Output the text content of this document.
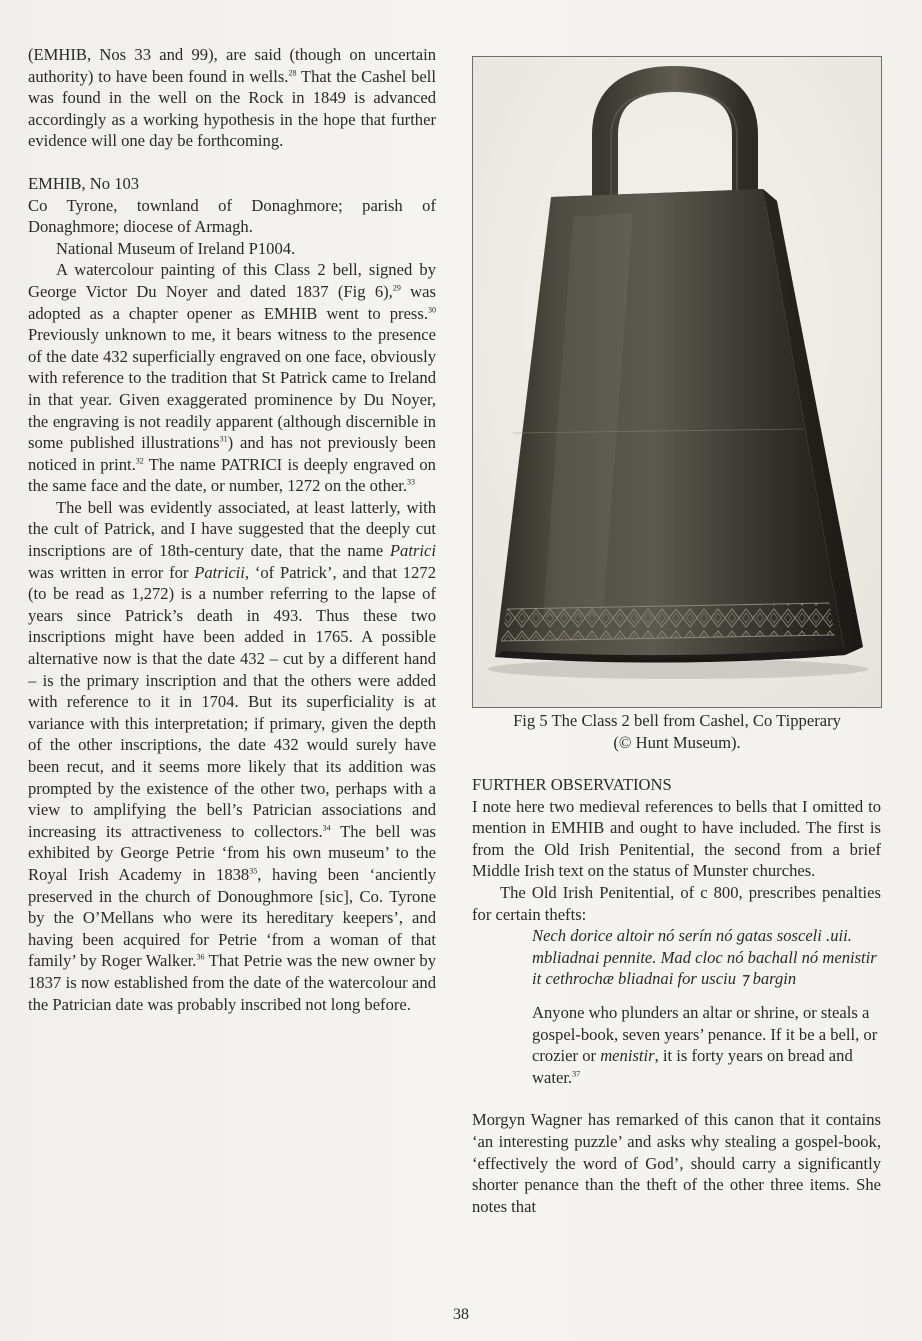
(EMHIB, Nos 33 and 99), are said (though on uncertain authority) to have been found in wells.$^{28}$ That the Cashel bell was found in the well on the Rock in 1849 is advanced accordingly as a working hypothesis in the hope that further evidence will one day be forthcoming.

EMHIB, No 103

Co Tyrone, townland of Donaghmore; parish of Donaghmore; diocese of Armagh.

National Museum of Ireland P1004.

A watercolour painting of this Class 2 bell, signed by George Victor Du Noyer and dated 1837 (Fig 6),$^{29}$ was adopted as a chapter opener as EMHIB went to press.$^{30}$ Previously unknown to me, it bears witness to the presence of the date 432 superficially engraved on one face, obviously with reference to the tradition that St Patrick came to Ireland in that year. Given exaggerated prominence by Du Noyer, the engraving is not readily apparent (although discernible in some published illustrations$^{31}$) and has not previously been noticed in print.$^{32}$ The name PATRICI is deeply engraved on the same face and the date, or number, 1272 on the other.$^{33}$

The bell was evidently associated, at least latterly, with the cult of Patrick, and I have suggested that the deeply cut inscriptions are of 18th-century date, that the name Patrici was written in error for Patricii, ‘of Patrick’, and that 1272 (to be read as 1,272) is a number referring to the lapse of years since Patrick’s death in 493. Thus these two inscriptions might have been added in 1765. A possible alternative now is that the date 432 – cut by a different hand – is the primary inscription and that the others were added with reference to it in 1704. But its superficiality is at variance with this interpretation; if primary, given the depth of the other inscriptions, the date 432 would surely have been recut, and it seems more likely that its addition was prompted by the existence of the other two, perhaps with a view to amplifying the bell’s Patrician associations and increasing its attractiveness to collectors.$^{34}$ The bell was exhibited by George Petrie ‘from his own museum’ to the Royal Irish Academy in 1838$^{35}$, having been ‘anciently preserved in the church of Donoughmore [sic], Co. Tyrone by the O’Mellans who were its hereditary keepers’, and having been acquired for Petrie ‘from a woman of that family’ by Roger Walker.$^{36}$ That Petrie was the new owner by 1837 is now established from the date of the watercolour and the Patrician date was probably inscribed not long before.

Fig 5 The Class 2 bell from Cashel, Co Tipperary
(© Hunt Museum).

FURTHER OBSERVATIONS

I note here two medieval references to bells that I omitted to mention in EMHIB and ought to have included. The first is from the Old Irish Penitential, the second from a brief Middle Irish text on the status of Munster churches.

The Old Irish Penitential, of c 800, prescribes penalties for certain thefts:

Nech dorice altoir nó serín nó gatas sosceli .uii. mbliadnai pennite. Mad cloc nó bachall nó menistir it cethrochæ bliadnai for usciu ⁊ bargin

Anyone who plunders an altar or shrine, or steals a gospel-book, seven years’ penance. If it be a bell, or crozier or menistir, it is forty years on bread and water.$^{37}$

Morgyn Wagner has remarked of this canon that it contains ‘an interesting puzzle’ and asks why stealing a gospel-book, ‘effectively the word of God’, should carry a significantly shorter penance than the theft of the other three items. She notes that

38
